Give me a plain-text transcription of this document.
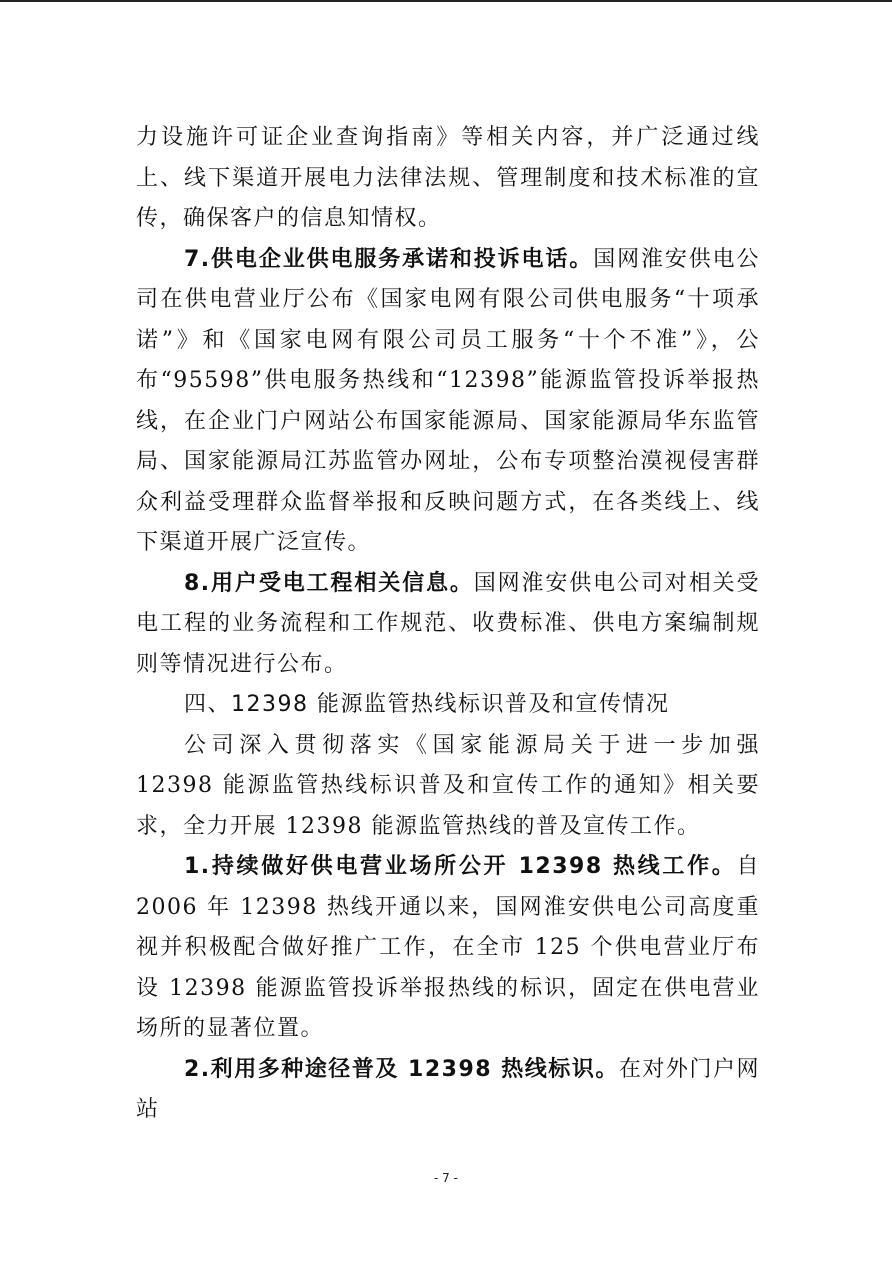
力设施许可证企业查询指南》等相关内容，并广泛通过线上、线下渠道开展电力法律法规、管理制度和技术标准的宣传，确保客户的信息知情权。

7.供电企业供电服务承诺和投诉电话。国网淮安供电公司在供电营业厅公布《国家电网有限公司供电服务“十项承诺”》和《国家电网有限公司员工服务“十个不准”》，公布“95598”供电服务热线和“12398”能源监管投诉举报热线，在企业门户网站公布国家能源局、国家能源局华东监管局、国家能源局江苏监管办网址，公布专项整治漠视侵害群众利益受理群众监督举报和反映问题方式，在各类线上、线下渠道开展广泛宣传。

8.用户受电工程相关信息。国网淮安供电公司对相关受电工程的业务流程和工作规范、收费标准、供电方案编制规则等情况进行公布。

四、12398 能源监管热线标识普及和宣传情况

公司深入贯彻落实《国家能源局关于进一步加强 12398 能源监管热线标识普及和宣传工作的通知》相关要求，全力开展 12398 能源监管热线的普及宣传工作。

1.持续做好供电营业场所公开 12398 热线工作。自 2006 年 12398 热线开通以来，国网淮安供电公司高度重视并积极配合做好推广工作，在全市 125 个供电营业厅布设 12398 能源监管投诉举报热线的标识，固定在供电营业场所的显著位置。

2.利用多种途径普及 12398 热线标识。在对外门户网站

- 7 -
